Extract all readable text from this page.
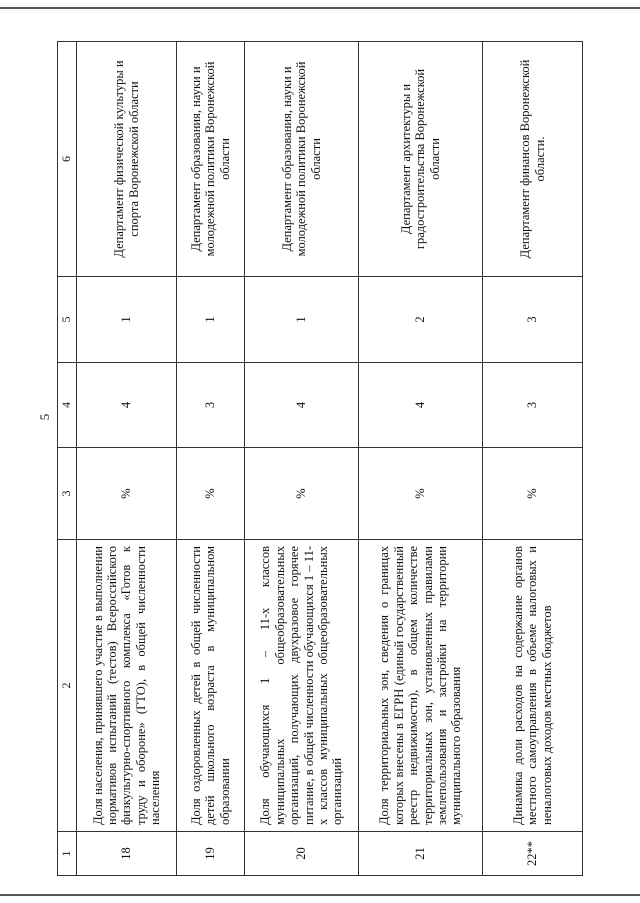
5
1	2	3	4	5	6
18	Доля населения, принявшего участие в выполнении нормативов испытаний (тестов) Всероссийского физкультурно-спортивного комплекса «Готов к труду и обороне» (ГТО), в общей численности населения	%	4	1	Департамент физической культуры и спорта Воронежской области
19	Доля оздоровленных детей в общей численности детей школьного возраста в муниципальном образовании	%	3	1	Департамент образования, науки и молодежной политики Воронежской области
20	Доля обучающихся 1 – 11-х классов муниципальных общеобразовательных организаций, получающих двухразовое горячее питание, в общей численности обучающихся 1 – 11-х классов муниципальных общеобразовательных организаций	%	4	1	Департамент образования, науки и молодежной политики Воронежской области
21	Доля территориальных зон, сведения о границах которых внесены в ЕГРН (единый государственный реестр недвижимости), в общем количестве территориальных зон, установленных правилами землепользования и застройки на территории муниципального образования	%	4	2	Департамент архитектуры и градостроительства Воронежской области
22**	Динамика доли расходов на содержание органов местного самоуправления в объеме налоговых и неналоговых доходов местных бюджетов	%	3	3	Департамент финансов Воронежской области.
